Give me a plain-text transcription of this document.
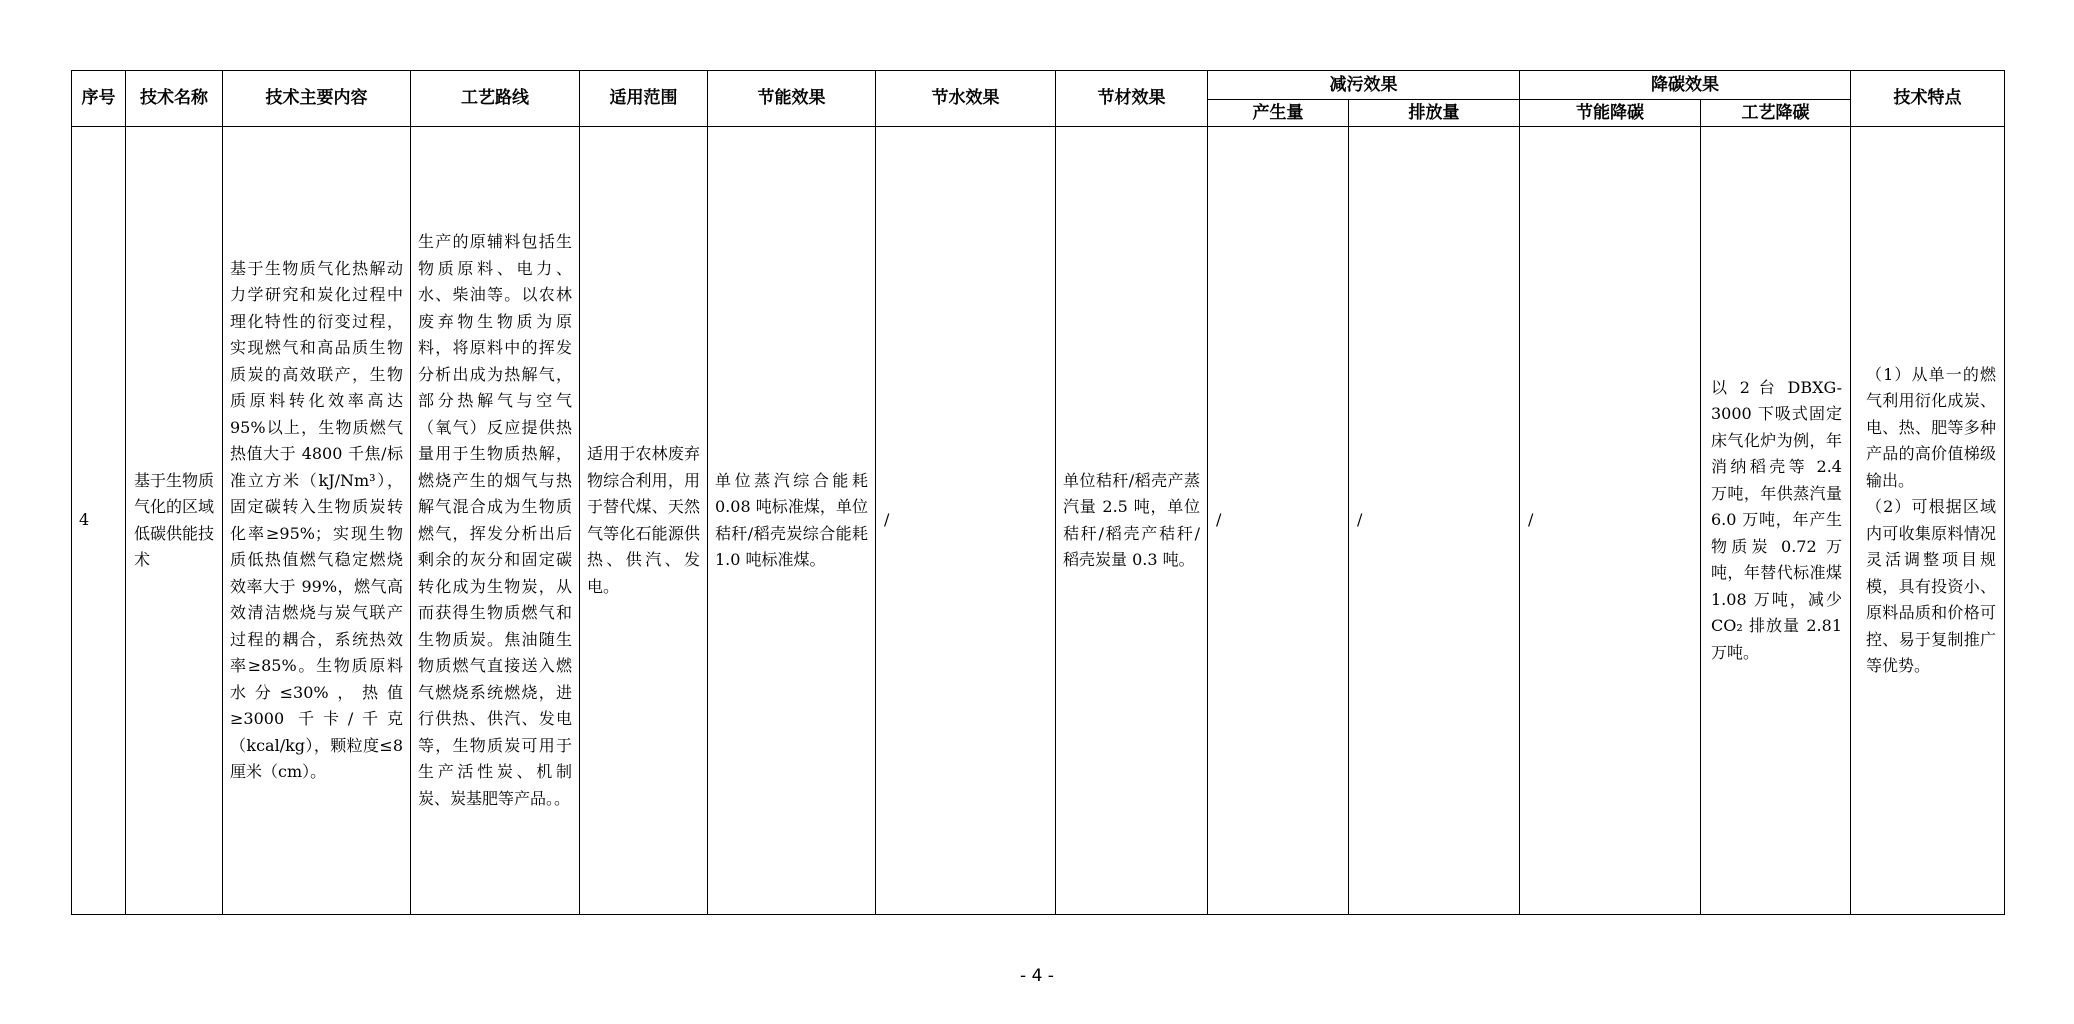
序号	技术名称	技术主要内容	工艺路线	适用范围	节能效果	节水效果	节材效果	减污效果		降碳效果		技术特点
								产生量	排放量	节能降碳	工艺降碳	
4	基于生物质气化的区域低碳供能技术	基于生物质气化热解动力学研究和炭化过程中理化特性的衍变过程，实现燃气和高品质生物质炭的高效联产，生物质原料转化效率高达 95%以上，生物质燃气热值大于 4800 千焦/标准立方米（kJ/Nm³），固定碳转入生物质炭转化率≥95%；实现生物质低热值燃气稳定燃烧效率大于 99%，燃气高效清洁燃烧与炭气联产过程的耦合，系统热效率≥85%。生物质原料水分≤30%，热值≥3000 千卡/千克（kcal/kg），颗粒度≤8 厘米（cm）。	生产的原辅料包括生物质原料、电力、水、柴油等。以农林废弃物生物质为原料，将原料中的挥发分析出成为热解气，部分热解气与空气（氧气）反应提供热量用于生物质热解，燃烧产生的烟气与热解气混合成为生物质燃气，挥发分析出后剩余的灰分和固定碳转化成为生物炭，从而获得生物质燃气和生物质炭。焦油随生物质燃气直接送入燃气燃烧系统燃烧，进行供热、供汽、发电等，生物质炭可用于生产活性炭、机制炭、炭基肥等产品。。	适用于农林废弃物综合利用，用于替代煤、天然气等化石能源供热、供汽、发电。	单位蒸汽综合能耗 0.08 吨标准煤，单位秸秆/稻壳炭综合能耗 1.0 吨标准煤。	/	单位秸秆/稻壳产蒸汽量 2.5 吨，单位秸秆/稻壳产秸秆/稻壳炭量 0.3 吨。	/	/	/	以 2 台 DBXG-3000 下吸式固定床气化炉为例，年消纳稻壳等 2.4 万吨，年供蒸汽量 6.0 万吨，年产生物质炭 0.72 万吨，年替代标准煤 1.08 万吨，减少 CO₂ 排放量 2.81 万吨。	（1）从单一的燃气利用衍化成炭、电、热、肥等多种产品的高价值梯级输出。
（2）可根据区域内可收集原料情况灵活调整项目规模，具有投资小、原料品质和价格可控、易于复制推广等优势。
- 4 -
